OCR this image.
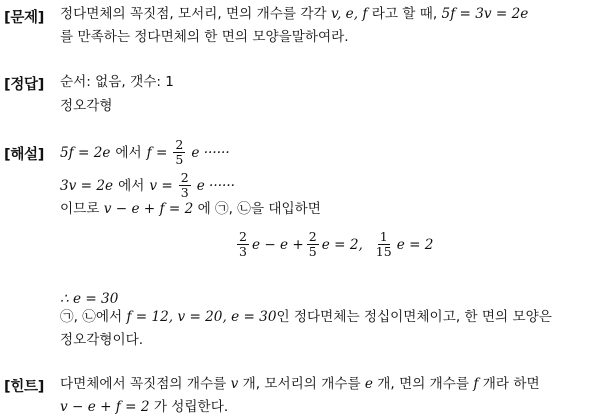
[문제]
[정답]
[해설]
[힌트]
정다면체의 꼭짓점, 모서리, 면의 개수를 각각 v, e, f 라고 할 때, 5f = 3v = 2e
를 만족하는 정다면체의 한 면의 모양을말하여라.
순서: 없음, 갯수: 1
정오각형
5f = 2e 에서 $f = \frac{2}{5}$ e ······
3v = 2e 에서 $v = \frac{2}{3}$ e ······
이므로 v − e + f = 2 에 ㉠, ㉡을 대입하면
$\frac{2}{3}$ $e - e + \frac{2}{5}$ e = 2, $\frac{1}{15}$ e = 2
∴ e = 30
㉠, ㉡에서 f = 12, v = 20, e = 30인 정다면체는 정십이면체이고, 한 면의 모양은
정오각형이다.
다면체에서 꼭짓점의 개수를 v 개, 모서리의 개수를 e 개, 면의 개수를 f 개라 하면
v − e + f = 2 가 성립한다.
